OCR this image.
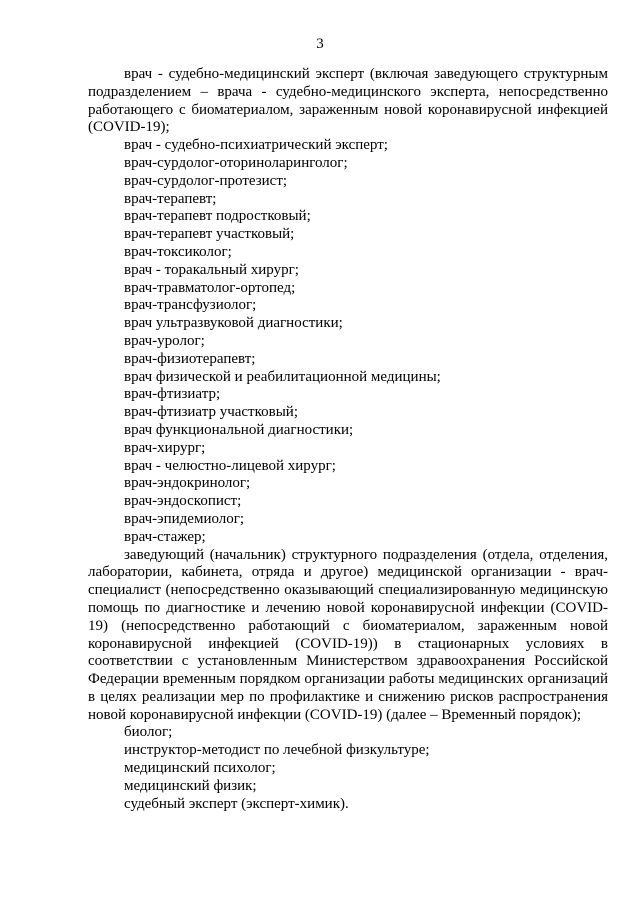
3

врач - судебно-медицинский эксперт (включая заведующего структурным подразделением – врача - судебно-медицинского эксперта, непосредственно работающего с биоматериалом, зараженным новой коронавирусной инфекцией (COVID-19);

врач - судебно-психиатрический эксперт;
врач-сурдолог-оториноларинголог;
врач-сурдолог-протезист;
врач-терапевт;
врач-терапевт подростковый;
врач-терапевт участковый;
врач-токсиколог;
врач - торакальный хирург;
врач-травматолог-ортопед;
врач-трансфузиолог;
врач ультразвуковой диагностики;
врач-уролог;
врач-физиотерапевт;
врач физической и реабилитационной медицины;
врач-фтизиатр;
врач-фтизиатр участковый;
врач функциональной диагностики;
врач-хирург;
врач - челюстно-лицевой хирург;
врач-эндокринолог;
врач-эндоскопист;
врач-эпидемиолог;
врач-стажер;

заведующий (начальник) структурного подразделения (отдела, отделения, лаборатории, кабинета, отряда и другое) медицинской организации - врач-специалист (непосредственно оказывающий специализированную медицинскую помощь по диагностике и лечению новой коронавирусной инфекции (COVID-19) (непосредственно работающий с биоматериалом, зараженным новой коронавирусной инфекцией (COVID-19)) в стационарных условиях в соответствии с установленным Министерством здравоохранения Российской Федерации временным порядком организации работы медицинских организаций в целях реализации мер по профилактике и снижению рисков распространения новой коронавирусной инфекции (COVID-19) (далее – Временный порядок);

биолог;
инструктор-методист по лечебной физкультуре;
медицинский психолог;
медицинский физик;
судебный эксперт (эксперт-химик).
